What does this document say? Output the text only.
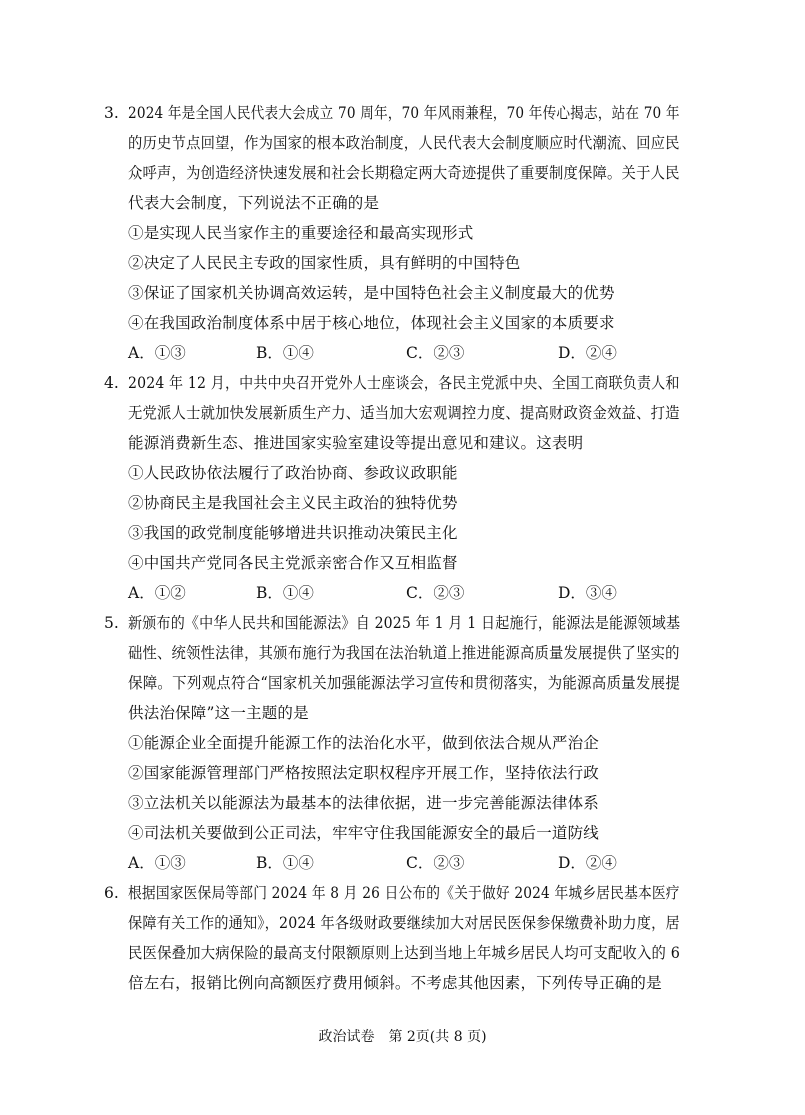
3. 2024 年是全国人民代表大会成立 70 周年，70 年风雨兼程，70 年传心揭志，站在 70 年
的历史节点回望，作为国家的根本政治制度，人民代表大会制度顺应时代潮流、回应民
众呼声，为创造经济快速发展和社会长期稳定两大奇迹提供了重要制度保障。关于人民
代表大会制度，下列说法不正确的是
①是实现人民当家作主的重要途径和最高实现形式
②决定了人民民主专政的国家性质，具有鲜明的中国特色
③保证了国家机关协调高效运转，是中国特色社会主义制度最大的优势
④在我国政治制度体系中居于核心地位，体现社会主义国家的本质要求
A．①③	B．①④	C．②③	D．②④
4. 2024 年 12 月，中共中央召开党外人士座谈会，各民主党派中央、全国工商联负责人和
无党派人士就加快发展新质生产力、适当加大宏观调控力度、提高财政资金效益、打造
能源消费新生态、推进国家实验室建设等提出意见和建议。这表明
①人民政协依法履行了政治协商、参政议政职能
②协商民主是我国社会主义民主政治的独特优势
③我国的政党制度能够增进共识推动决策民主化
④中国共产党同各民主党派亲密合作又互相监督
A．①②	B．①④	C．②③	D．③④
5. 新颁布的《中华人民共和国能源法》自 2025 年 1 月 1 日起施行，能源法是能源领域基
础性、统领性法律，其颁布施行为我国在法治轨道上推进能源高质量发展提供了坚实的
保障。下列观点符合“国家机关加强能源法学习宣传和贯彻落实，为能源高质量发展提
供法治保障”这一主题的是
①能源企业全面提升能源工作的法治化水平，做到依法合规从严治企
②国家能源管理部门严格按照法定职权程序开展工作，坚持依法行政
③立法机关以能源法为最基本的法律依据，进一步完善能源法律体系
④司法机关要做到公正司法，牢牢守住我国能源安全的最后一道防线
A．①③	B．①④	C．②③	D．②④
6. 根据国家医保局等部门 2024 年 8 月 26 日公布的《关于做好 2024 年城乡居民基本医疗
保障有关工作的通知》，2024 年各级财政要继续加大对居民医保参保缴费补助力度，居
民医保叠加大病保险的最高支付限额原则上达到当地上年城乡居民人均可支配收入的 6
倍左右，报销比例向高额医疗费用倾斜。不考虑其他因素，下列传导正确的是
政治试卷　第 2页(共 8 页)
